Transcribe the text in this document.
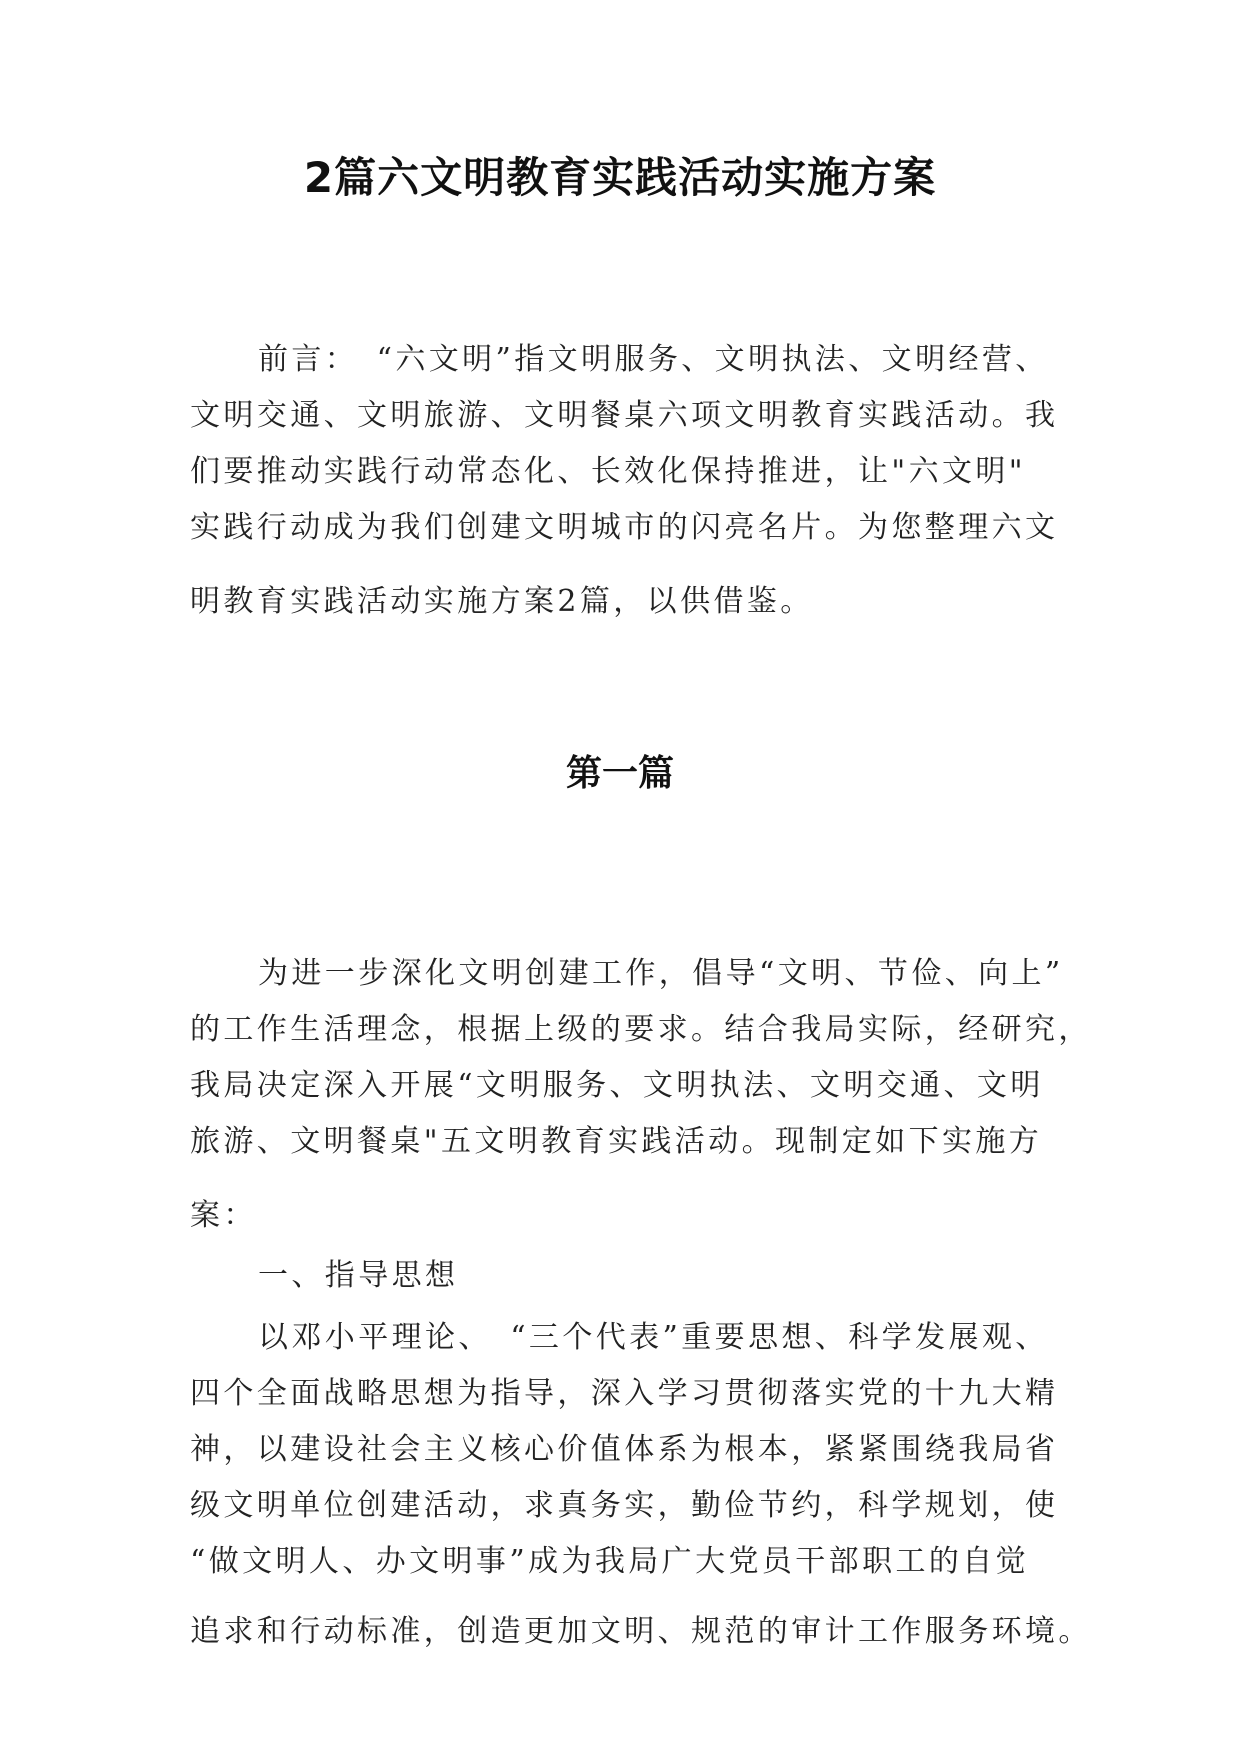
2篇六文明教育实践活动实施方案
前言：　“六文明”指文明服务、文明执法、文明经营、
文明交通、文明旅游、文明餐桌六项文明教育实践活动。我
们要推动实践行动常态化、长效化保持推进，让"六文明"
实践行动成为我们创建文明城市的闪亮名片。为您整理六文
明教育实践活动实施方案2篇，以供借鉴。
第一篇
为进一步深化文明创建工作，倡导“文明、节俭、向上”
的工作生活理念，根据上级的要求。结合我局实际，经研究，
我局决定深入开展“文明服务、文明执法、文明交通、文明
旅游、文明餐桌"五文明教育实践活动。现制定如下实施方
案：
一、指导思想
以邓小平理论、　“三个代表”重要思想、科学发展观、
四个全面战略思想为指导，深入学习贯彻落实党的十九大精
神，以建设社会主义核心价值体系为根本，紧紧围绕我局省
级文明单位创建活动，求真务实，勤俭节约，科学规划，使
“做文明人、办文明事”成为我局广大党员干部职工的自觉
追求和行动标准，创造更加文明、规范的审计工作服务环境。
